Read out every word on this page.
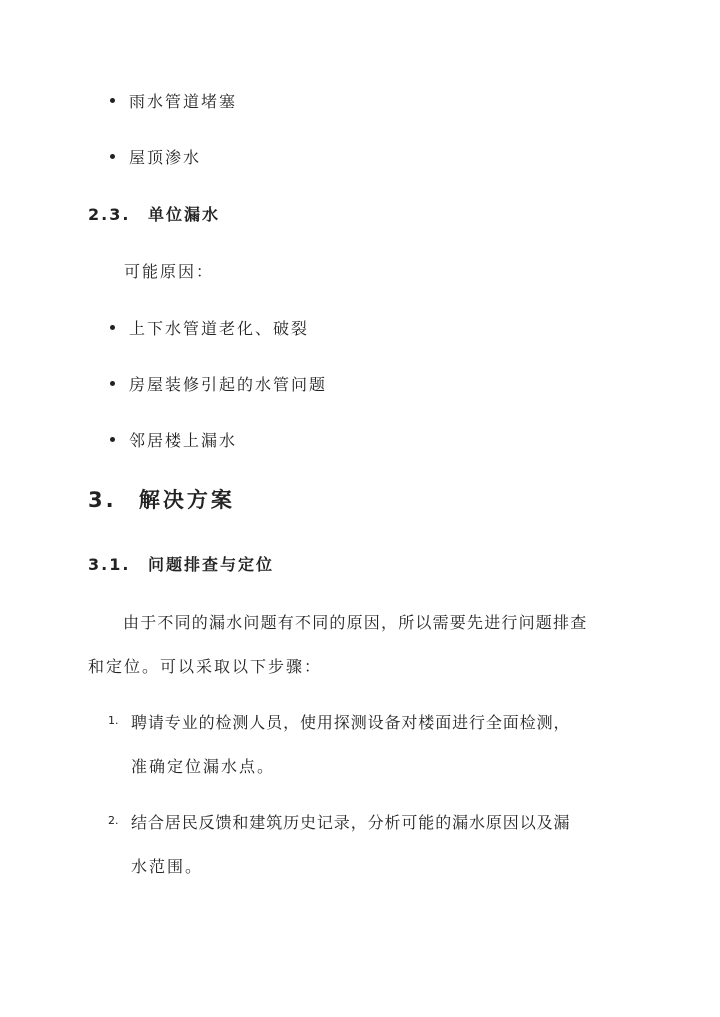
雨水管道堵塞
屋顶渗水
2.3. 单位漏水
可能原因：
上下水管道老化、破裂
房屋装修引起的水管问题
邻居楼上漏水
3. 解决方案
3.1. 问题排查与定位
由于不同的漏水问题有不同的原因，所以需要先进行问题排查
和定位。可以采取以下步骤：
1. 聘请专业的检测人员，使用探测设备对楼面进行全面检测，
准确定位漏水点。
2. 结合居民反馈和建筑历史记录，分析可能的漏水原因以及漏
水范围。
